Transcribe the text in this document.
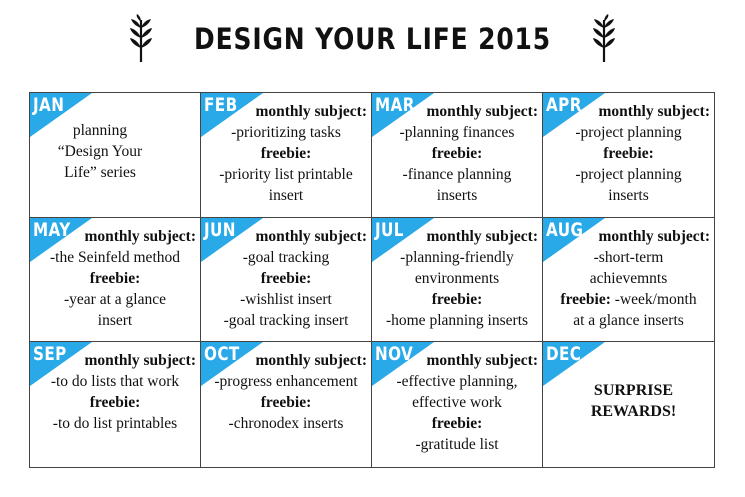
DESIGN YOUR LIFE 2015
JAN
planning
“Design Your
Life” series
FEB	monthly subject:
-prioritizing tasks
freebie:
-priority list printable
insert
MAR monthly subject:
-planning finances
freebie:
-finance planning
inserts
APR	monthly subject:
-project planning
freebie:
-project planning
inserts
MAY monthly subject:
-the Seinfeld method
freebie:
-year at a glance
insert
JUN	monthly subject:
-goal tracking
freebie:
-wishlist insert
-goal tracking insert
JUL	monthly subject:
-planning-friendly
environments
freebie:
-home planning inserts
AUG monthly subject:
-short-term
achievemnts
freebie: -week/month
at a glance inserts
SEP	monthly subject:
-to do lists that work
freebie:
-to do list printables
OCT	monthly subject:
-progress enhancement
freebie:
-chronodex inserts
NOV monthly subject:
-effective planning,
effective work
freebie:
-gratitude list
DEC
SURPRISE
REWARDS!
